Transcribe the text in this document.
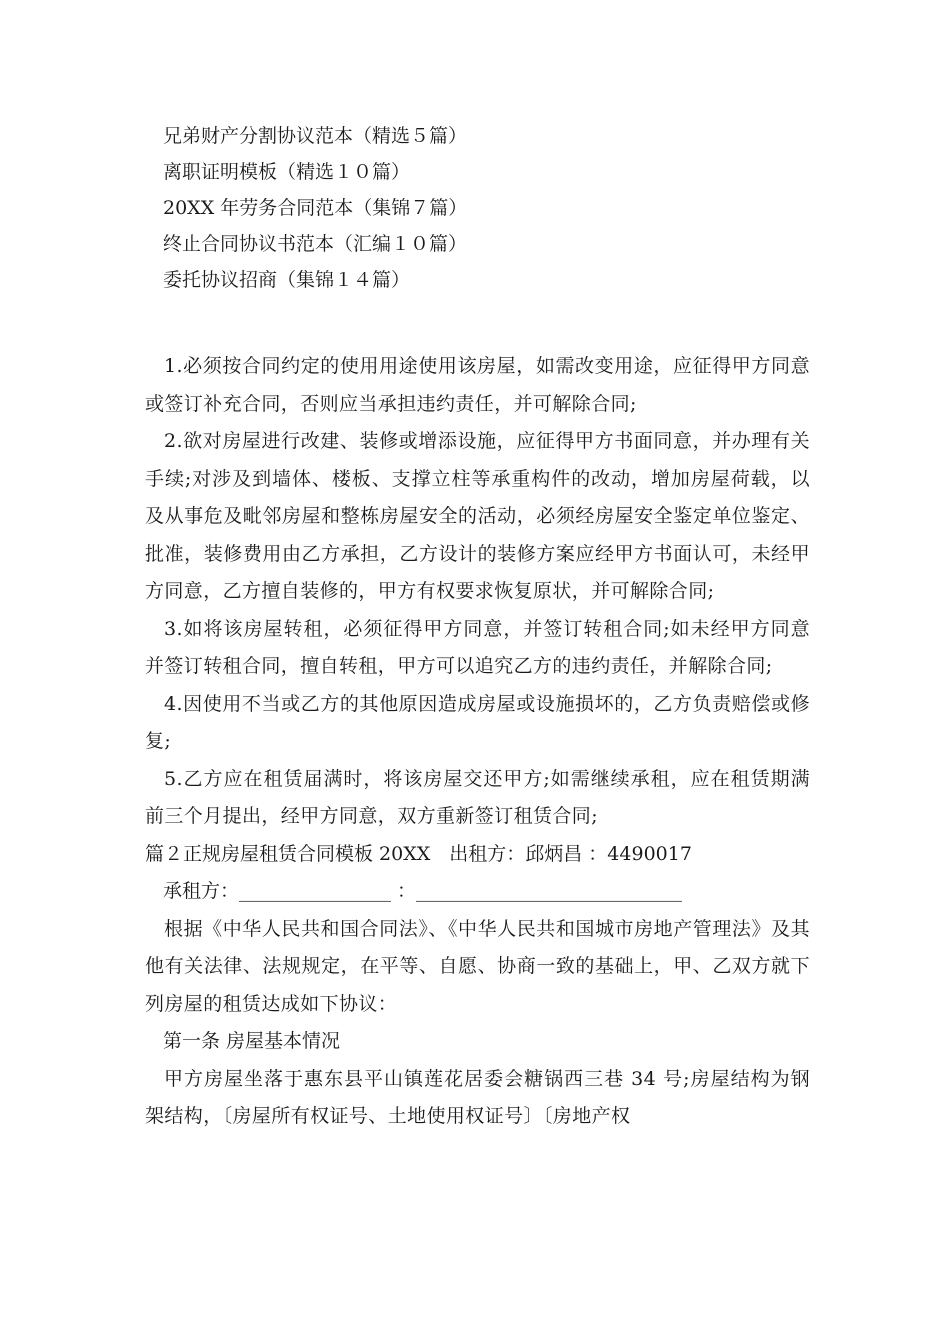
兄弟财产分割协议范本（精选５篇）
离职证明模板（精选１０篇）
20XX 年劳务合同范本（集锦７篇）
终止合同协议书范本（汇编１０篇）
委托协议招商（集锦１４篇）

1.必须按合同约定的使用用途使用该房屋，如需改变用途，应征得甲方同意或签订补充合同，否则应当承担违约责任，并可解除合同;

2.欲对房屋进行改建、装修或增添设施，应征得甲方书面同意，并办理有关手续;对涉及到墙体、楼板、支撑立柱等承重构件的改动，增加房屋荷载，以及从事危及毗邻房屋和整栋房屋安全的活动，必须经房屋安全鉴定单位鉴定、批准，装修费用由乙方承担，乙方设计的装修方案应经甲方书面认可，未经甲方同意，乙方擅自装修的，甲方有权要求恢复原状，并可解除合同;

3.如将该房屋转租，必须征得甲方同意，并签订转租合同;如未经甲方同意并签订转租合同，擅自转租，甲方可以追究乙方的违约责任，并解除合同;

4.因使用不当或乙方的其他原因造成房屋或设施损坏的，乙方负责赔偿或修复;

5.乙方应在租赁届满时，将该房屋交还甲方;如需继续承租，应在租赁期满前三个月提出，经甲方同意，双方重新签订租赁合同;

篇２正规房屋租赁合同模板 20XX　出租方：邱炳昌 ：4490017

承租方：________________ ：____________________________

根据《中华人民共和国合同法》、《中华人民共和国城市房地产管理法》及其他有关法律、法规规定，在平等、自愿、协商一致的基础上，甲、乙双方就下列房屋的租赁达成如下协议：

第一条 房屋基本情况

甲方房屋坐落于惠东县平山镇莲花居委会糖锅西三巷 34 号;房屋结构为钢架结构，〔房屋所有权证号、土地使用权证号〕〔房地产权
